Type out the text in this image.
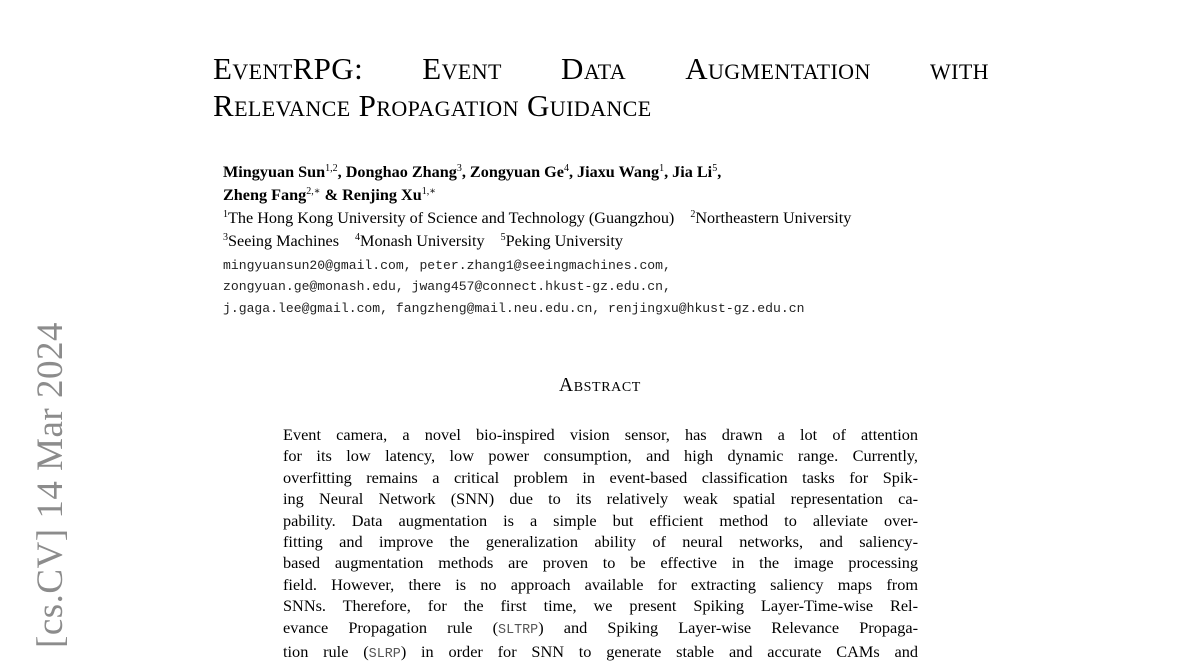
[cs.CV] 14 Mar 2024
EventRPG: Event Data Augmentation with
Relevance Propagation Guidance
Mingyuan Sun$^{1,2}$, Donghao Zhang$^3$, Zongyuan Ge$^4$, Jiaxu Wang$^1$, Jia Li$^5$,
Zheng Fang$^{2,∗}$ & Renjing $Xu^{1,∗}$
$^1$The Hong Kong University of Science and Technology (Guangzhou) $^2$Northeastern University
$^3$Seeing Machines $^4$Monash University $^5$Peking University
mingyuansun20@gmail.com, peter.zhang1@seeingmachines.com,
zongyuan.ge@monash.edu, jwang457@connect.hkust-gz.edu.cn,
j.gaga.lee@gmail.com, fangzheng@mail.neu.edu.cn, renjingxu@hkust-gz.edu.cn
Abstract
Event camera, a novel bio-inspired vision sensor, has drawn a lot of attention
for its low latency, low power consumption, and high dynamic range. Currently,
overfitting remains a critical problem in event-based classification tasks for Spik-
ing Neural Network (SNN) due to its relatively weak spatial representation ca-
pability. Data augmentation is a simple but efficient method to alleviate over-
fitting and improve the generalization ability of neural networks, and saliency-
based augmentation methods are proven to be effective in the image processing
field. However, there is no approach available for extracting saliency maps from
SNNs. Therefore, for the first time, we present Spiking Layer-Time-wise Rel-
evance Propagation rule (SLTRP) and Spiking Layer-wise Relevance Propaga-
tion rule (SLRP) in order for SNN to generate stable and accurate CAMs and
